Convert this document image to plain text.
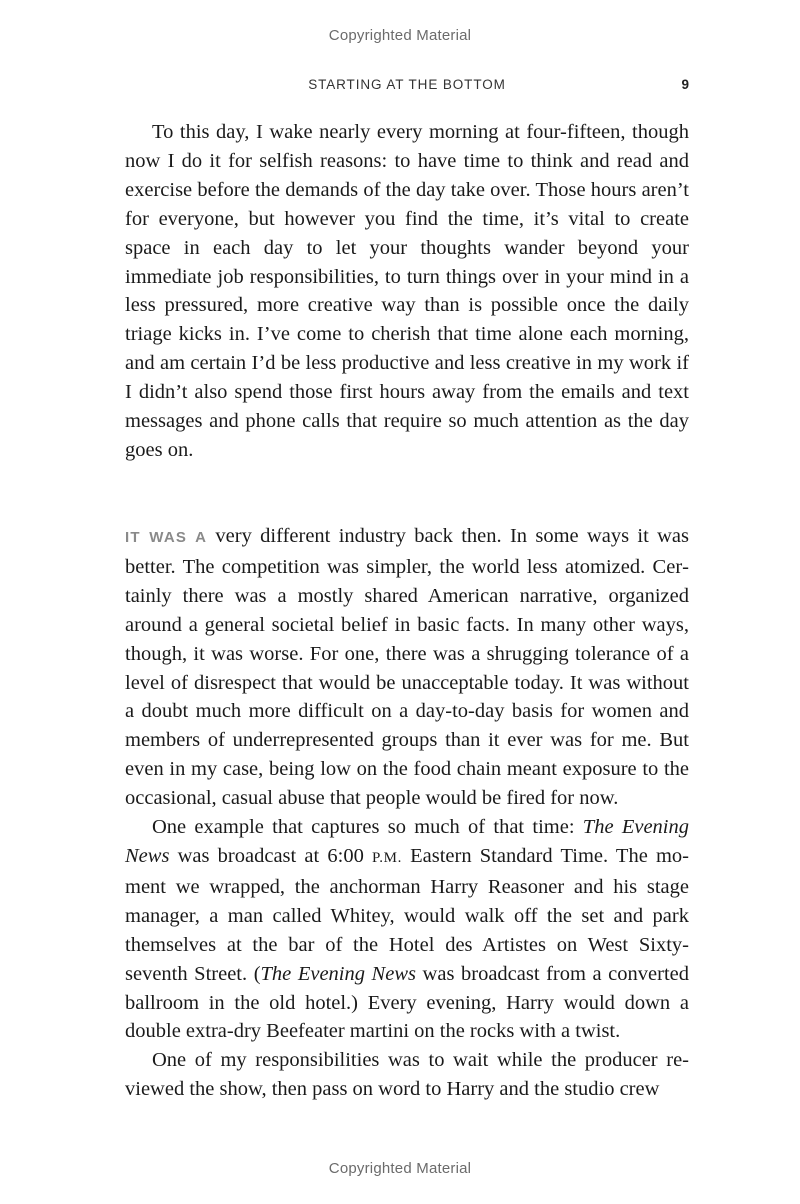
Copyrighted Material
STARTING AT THE BOTTOM	9

To this day, I wake nearly every morning at four-fifteen, though now I do it for selfish reasons: to have time to think and read and exercise before the demands of the day take over. Those hours aren’t for everyone, but however you find the time, it’s vital to create space in each day to let your thoughts wander beyond your immediate job responsibilities, to turn things over in your mind in a less pressured, more creative way than is possible once the daily triage kicks in. I’ve come to cherish that time alone each morning, and am certain I’d be less productive and less creative in my work if I didn’t also spend those first hours away from the emails and text messages and phone calls that require so much attention as the day goes on.

IT WAS A very different industry back then. In some ways it was better. The competition was simpler, the world less atomized. Certainly there was a mostly shared American narrative, organized around a general societal belief in basic facts. In many other ways, though, it was worse. For one, there was a shrugging tolerance of a level of disrespect that would be unacceptable today. It was without a doubt much more difficult on a day-to-day basis for women and members of underrepresented groups than it ever was for me. But even in my case, being low on the food chain meant exposure to the occasional, casual abuse that people would be fired for now.

One example that captures so much of that time: The Evening News was broadcast at 6:00 P.M. Eastern Standard Time. The moment we wrapped, the anchorman Harry Reasoner and his stage manager, a man called Whitey, would walk off the set and park themselves at the bar of the Hotel des Artistes on West Sixty-seventh Street. (The Evening News was broadcast from a converted ballroom in the old hotel.) Every evening, Harry would down a double extra-dry Beefeater martini on the rocks with a twist.

One of my responsibilities was to wait while the producer reviewed the show, then pass on word to Harry and the studio crew

Copyrighted Material
